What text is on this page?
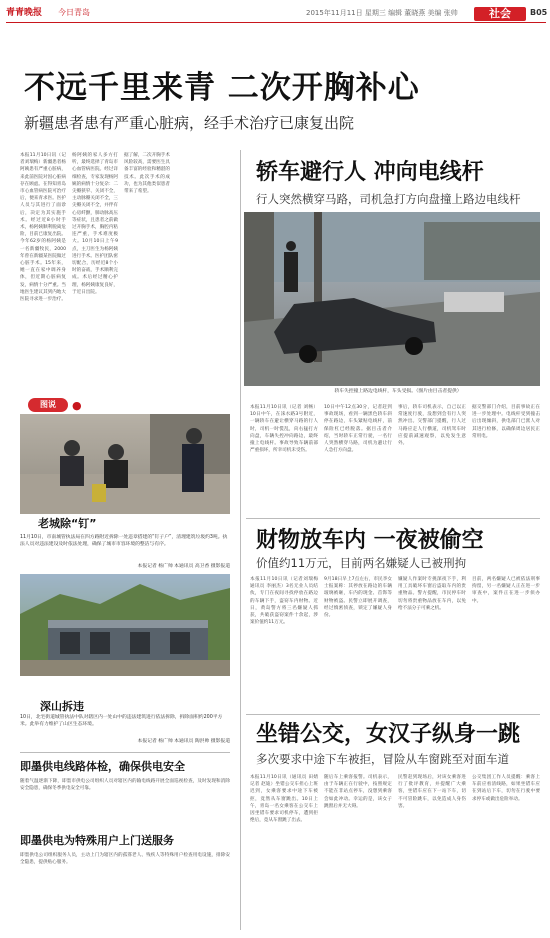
青青晚报 今日青岛	2015年11月11日 星期三 编辑 董晓燕 美编 张帅	社会	B05
不远千里来青 二次开胸补心
新疆患者患有严重心脏病，经手术治疗已康复出院
本报11月10日讯（记者刘瑞梅）新疆患者杨阿姨患有严重心脏病，来此前医院对因心脏病存在顾虑。在得知青岛市心血管病医院可治疗后，便来青求医。医护人员与其进行了面诊后，决定为其实施手术。经过近8小时手术，杨阿姨顺利脱离危险，目前已康复出院。今年62岁的杨阿姨是一名新疆牧民，2000年曾在新疆某医院做过心脏手术。15年来，她一直在家中调养身体，但近期心脏病复发，病情十分严重。当地医生建议其到内地大医院寻求进一步治疗。
杨阿姨的家人多方打听，最终选择了青岛市心血管病医院。经过详细检查，专家发现杨阿姨的病情十分复杂：二尖瓣狭窄、关闭不全，主动脉瓣关闭不全，三尖瓣关闭不全，并伴有心房纤颤，肺动脉高压等症状，且患者之前做过开胸手术，胸腔内粘连严重，手术难度极大。10月10日上午9点，主刀医生为杨阿姨进行手术。医护团队密切配合，历经近8个小时的奋战，手术顺利完成。术后经过精心护理，杨阿姨康复良好，于近日出院。
据了解，二次开胸手术风险较高，需要医生具备丰富的经验和精湛的技术。此次手术的成功，也为其他类似患者带来了希望。
图说	●
老城除“钉”
11月10日，市南城管执法局在四方路附近拆除一处违章搭建的“钉子户”，清理建筑垃圾约3吨。执法人员对违法建设及时依法处理，确保了城市市容环境的整洁与有序。
本报记者 杨广帅 本通讯员 高卫香 摄影报道
深山拆违
10日，北宅街道城管执法中队对辖区内一处山中的违法建筑进行依法拆除，拆除面积约200平方米。此举有力维护了山区生态环境。
本报记者 杨广帅 本通讯员 陶洪帅 摄影报道
即墨供电线路体检，确保供电安全
随着气温逐渐下降，即墨市供电公司组织人员对辖区内的输电线路开展全面巡视检查，及时发现和消除安全隐患，确保冬季供电安全可靠。
即墨供电为特殊用户上门送服务
即墨供电公司组织服务人员，主动上门为辖区内的孤寡老人、残疾人等特殊用户检查用电设施，排除安全隐患，提供贴心服务。
轿车避行人 冲向电线杆
行人突然横穿马路，司机急打方向盘撞上路边电线杆
轿车失控撞上路边电线杆，车头受损。（图片由目击者提供）
本报11月10日讯（记者 刘畅）10日中午，在涞水路3号附近，一辆轿车在避让横穿马路的行人时，司机一时慌乱，向右猛打方向盘，车辆失控冲向路边，最终撞上电线杆。事故导致车辆前部严重损坏，所幸司机未受伤。
10日中午12点30分，记者赶到事故现场，看到一辆黑色轿车斜停在路边，车头紧贴电线杆，前保险杠已经脱落。据目击者介绍，当时轿车正常行驶，一名行人突然横穿马路，司机为避让行人急打方向盘。
事后，轿车司机表示，自己以正常速度行驶，没想到会有行人突然冲出。交警部门提醒，行人过马路应走人行横道，司机驾车时应提前减速观察，以免发生意外。
据交警部门介绍，目前事故正在进一步处理中。电线杆受到撞击后出现倾斜，供电部门已派人对其进行检修，以确保周边居民正常用电。
财物放车内 一夜被偷空
价值约11万元，目前两名嫌疑人已被刑拘
本报11月10日讯（记者刘瑞梅 通讯员 李丽杰）3名无业人员结伙，专门在夜间寻找停放在路边的车辆下手，盗窃车内财物。近日，黄岛警方将三名嫌疑人抓获，共破获盗窃案件十余起，涉案价值约11万元。
9月18日早上7点左右，市民李女士报案称：其停放在路边的车辆玻璃被砸，车内的现金、首饰等财物被盗。民警立即展开调查，经过缜密侦查，锁定了嫌疑人身份。
嫌疑人作案时专挑深夜下手，利用工具破坏车窗后盗取车内的贵重物品。警方提醒，市民停车时切勿将贵重物品放在车内，以免给不法分子可乘之机。
目前，两名嫌疑人已被依法刑事拘留，另一名嫌疑人正在进一步审查中，案件正在进一步侦办中。
坐错公交，女汉子纵身一跳
多次要求中途下车被拒，冒险从车窗跳至对面车道
本报11月10日讯（通讯员 田婧 记者 赵迪）坐错公交车担心上班迟到，女乘客要求中途下车被拒，竟然从车窗跳出。10日上午，青岛一名女乘客在公交车上因坐错车要求司机停车，遭到拒绝后，竟从车窗跳了出去。
随后车上乘客报警。司机表示，由于车辆正在行驶中，按照规定不能在非站点停车，没想到乘客会如此冲动。幸运的是，该女子跳窗后并无大碍。
民警赶到现场后，对该女乘客进行了批评教育，并提醒广大乘客，坐错车应在下一站下车，切不可冒险跳车，以免造成人身伤害。
公交集团工作人员提醒：乘客上车前应看清线路，如果坐错车应在到站后下车，切勿在行驶中要求停车或做出危险举动。
